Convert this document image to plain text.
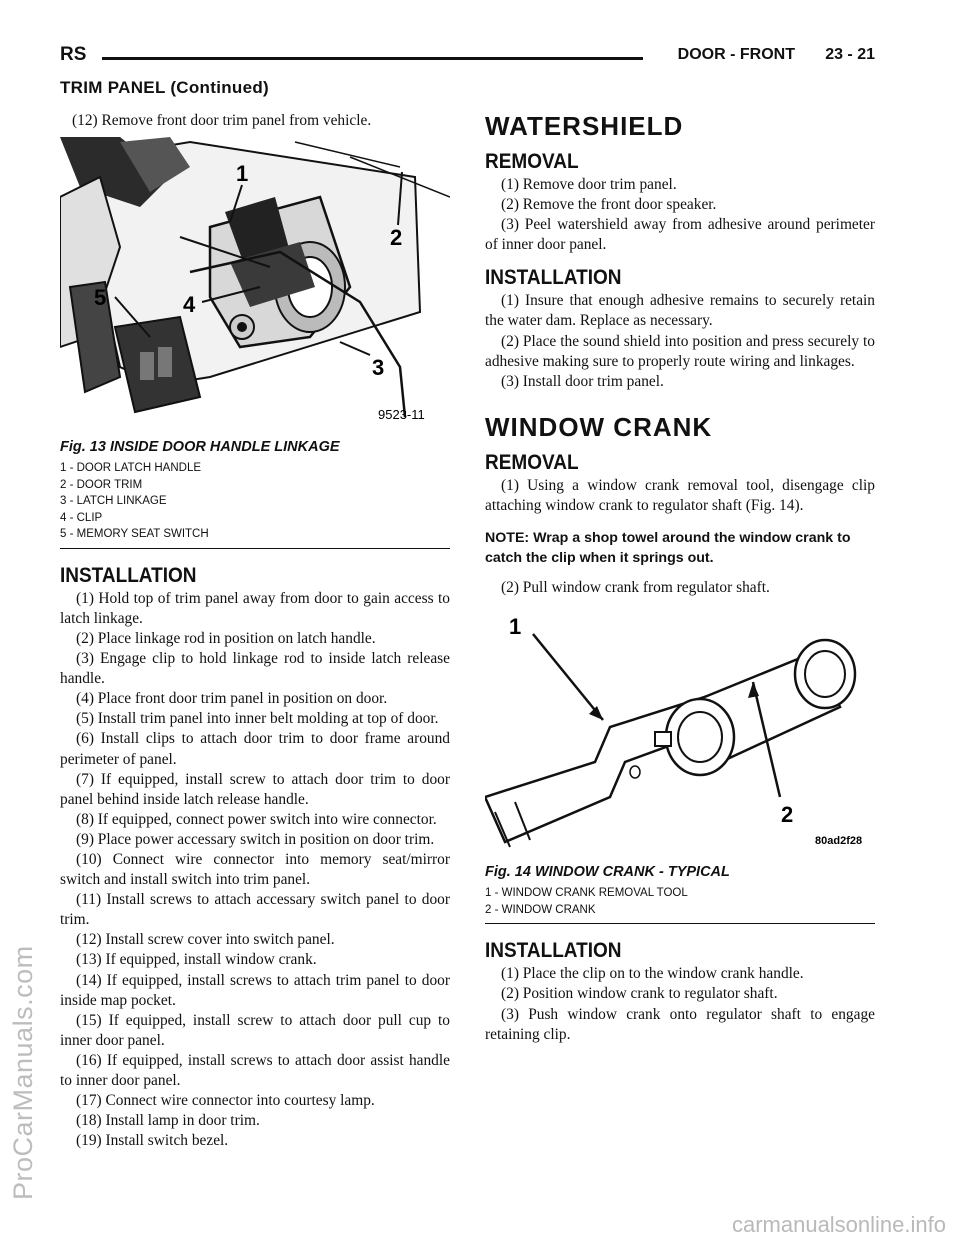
ProCarManuals.com
carmanualsonline.info
RS	DOOR - FRONT 23 - 21
TRIM PANEL (Continued)

(12) Remove front door trim panel from vehicle.

1
2
3
4
5
9523-11
Fig. 13 INSIDE DOOR HANDLE LINKAGE
1 - DOOR LATCH HANDLE
2 - DOOR TRIM
3 - LATCH LINKAGE
4 - CLIP
5 - MEMORY SEAT SWITCH
INSTALLATION

(1) Hold top of trim panel away from door to gain access to latch linkage.

(2) Place linkage rod in position on latch handle.

(3) Engage clip to hold linkage rod to inside latch release handle.

(4) Place front door trim panel in position on door.

(5) Install trim panel into inner belt molding at top of door.

(6) Install clips to attach door trim to door frame around perimeter of panel.

(7) If equipped, install screw to attach door trim to door panel behind inside latch release handle.

(8) If equipped, connect power switch into wire connector.

(9) Place power accessary switch in position on door trim.

(10) Connect wire connector into memory seat/mirror switch and install switch into trim panel.

(11) Install screws to attach accessary switch panel to door trim.

(12) Install screw cover into switch panel.

(13) If equipped, install window crank.

(14) If equipped, install screws to attach trim panel to door inside map pocket.

(15) If equipped, install screw to attach door pull cup to inner door panel.

(16) If equipped, install screws to attach door assist handle to inner door panel.

(17) Connect wire connector into courtesy lamp.

(18) Install lamp in door trim.

(19) Install switch bezel.

WATERSHIELD
REMOVAL

(1) Remove door trim panel.

(2) Remove the front door speaker.

(3) Peel watershield away from adhesive around perimeter of inner door panel.

INSTALLATION

(1) Insure that enough adhesive remains to securely retain the water dam. Replace as necessary.

(2) Place the sound shield into position and press securely to adhesive making sure to properly route wiring and linkages.

(3) Install door trim panel.

WINDOW CRANK
REMOVAL

(1) Using a window crank removal tool, disengage clip attaching window crank to regulator shaft (Fig. 14).

NOTE: Wrap a shop towel around the window crank to catch the clip when it springs out.

(2) Pull window crank from regulator shaft.

1
2
80ad2f28
Fig. 14 WINDOW CRANK - TYPICAL
1 - WINDOW CRANK REMOVAL TOOL
2 - WINDOW CRANK
INSTALLATION

(1) Place the clip on to the window crank handle.

(2) Position window crank to regulator shaft.

(3) Push window crank onto regulator shaft to engage retaining clip.
